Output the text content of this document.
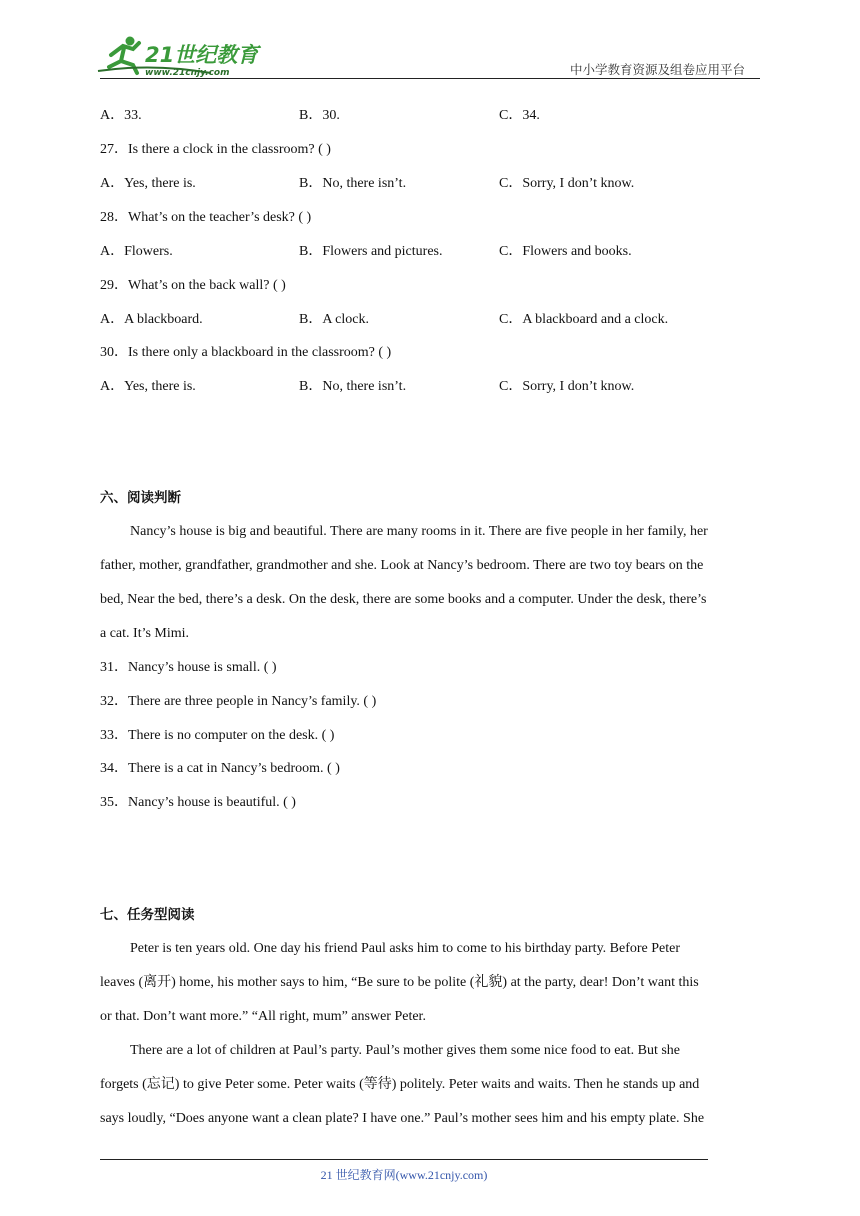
21世纪教育
www.21cnjy.com	中小学教育资源及组卷应用平台
A．33.	B．30.	C．34.
27．Is there a clock in the classroom? ( )
A．Yes, there is.	B．No, there isn’t.	C．Sorry, I don’t know.
28．What’s on the teacher’s desk? ( )
A．Flowers.	B．Flowers and pictures.	C．Flowers and books.
29．What’s on the back wall? ( )
A．A blackboard.	B．A clock.	C．A blackboard and a clock.
30．Is there only a blackboard in the classroom? ( )
A．Yes, there is.	B．No, there isn’t.	C．Sorry, I don’t know.
六、阅读判断
Nancy’s house is big and beautiful. There are many rooms in it. There are five people in her family, her
father, mother, grandfather, grandmother and she. Look at Nancy’s bedroom. There are two toy bears on the
bed, Near the bed, there’s a desk. On the desk, there are some books and a computer. Under the desk, there’s
a cat. It’s Mimi.
31．Nancy’s house is small. ( )
32．There are three people in Nancy’s family. ( )
33．There is no computer on the desk. ( )
34．There is a cat in Nancy’s bedroom. ( )
35．Nancy’s house is beautiful. ( )
七、任务型阅读
Peter is ten years old. One day his friend Paul asks him to come to his birthday party. Before Peter
leaves (离开) home, his mother says to him, “Be sure to be polite (礼貌) at the party, dear! Don’t want this
or that. Don’t want more.” “All right, mum” answer Peter.
There are a lot of children at Paul’s party. Paul’s mother gives them some nice food to eat. But she
forgets (忘记) to give Peter some. Peter waits (等待) politely. Peter waits and waits. Then he stands up and
says loudly, “Does anyone want a clean plate? I have one.” Paul’s mother sees him and his empty plate. She
21 世纪教育网(www.21cnjy.com)
